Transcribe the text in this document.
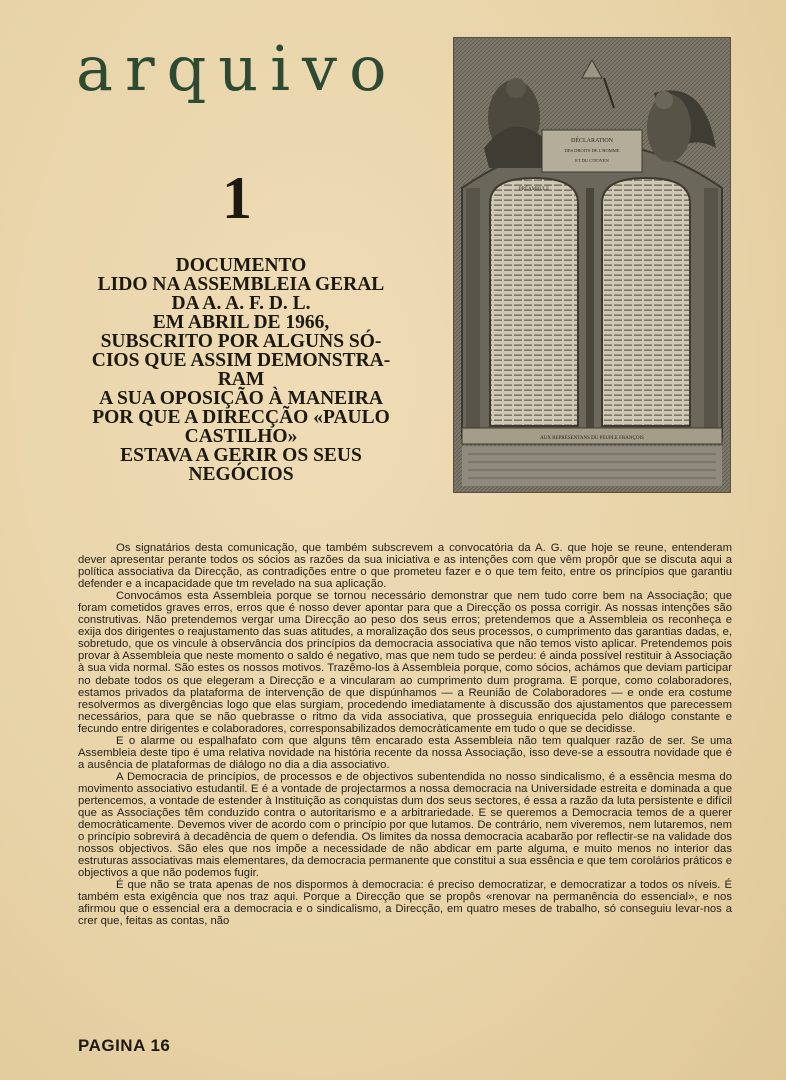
arquivo
1
DOCUMENTO
LIDO NA ASSEMBLEIA GERAL
DA A. A. F. D. L.
EM ABRIL DE 1966,
SUBSCRITO POR ALGUNS SÓ-
CIOS QUE ASSIM DEMONSTRA-
RAM
A SUA OPOSIÇÃO À MANEIRA
POR QUE A DIRECÇÃO «PAULO
CASTILHO»
ESTAVA A GERIR OS SEUS
NEGÓCIOS
DÉCLARATION
DES DROITS DE L'HOMME
ET DU CITOYEN
PRÉAMBULE
AUX REPRÉSENTANS DU PEUPLE FRANÇOIS

Os signatários desta comunicação, que também subscrevem a convocatória da A. G. que hoje se reune, entenderam dever apresentar perante todos os sócios as razões da sua iniciativa e as intenções com que vêm propôr que se discuta aqui a política associativa da Direcção, as contradições entre o que prometeu fazer e o que tem feito, entre os princípios que garantiu defender e a incapacidade que tm revelado na sua aplicação.

Convocámos esta Assembleia porque se tornou necessário demonstrar que nem tudo corre bem na Associação; que foram cometidos graves erros, erros que é nosso dever apontar para que a Direcção os possa corrigir. As nossas intenções são construtivas. Não pretendemos vergar uma Direcção ao peso dos seus erros; pretendemos que a Assembleia os reconheça e exija dos dirigentes o reajustamento das suas atitudes, a moralização dos seus processos, o cumprimento das garantias dadas, e, sobretudo, que os vincule à observância dos princípios da democracia associativa que não temos visto aplicar. Pretendemos pois provar à Assembleia que neste momento o saldo é negativo, mas que nem tudo se perdeu: é ainda possível restituir à Associação à sua vida normal. São estes os nossos motivos. Trazêmo-los à Assembleia porque, como sócios, achámos que deviam participar no debate todos os que elegeram a Direcção e a vincularam ao cumprimento dum programa. E porque, como colaboradores, estamos privados da plataforma de intervenção de que dispúnhamos — a Reunião de Colaboradores — e onde era costume resolvermos as divergências logo que elas surgiam, procedendo imediatamente à discussão dos ajustamentos que parecessem necessários, para que se não quebrasse o ritmo da vida associativa, que prosseguia enriquecida pelo diálogo constante e fecundo entre dirigentes e colaboradores, corresponsabilizados democràticamente em tudo o que se decidisse.

E o alarme ou espalhafato com que alguns têm encarado esta Assembleia não tem qualquer razão de ser. Se uma Assembleia deste tipo é uma relativa novidade na história recente da nossa Associação, isso deve-se a essoutra novidade que é a ausência de plataformas de diálogo no dia a dia associativo.

A Democracia de princípios, de processos e de objectivos subentendida no nosso sindicalismo, é a essência mesma do movimento associativo estudantil. E é a vontade de projectarmos a nossa democracia na Universidade estreita e dominada a que pertencemos, a vontade de estender à Instituição as conquistas dum dos seus sectores, é essa a razão da luta persistente e difícil que as Associações têm conduzido contra o autoritarismo e a arbitrariedade. E se queremos a Democracia temos de a querer democràticamente. Devemos viver de acordo com o princípio por que lutamos. De contrário, nem viveremos, nem lutaremos, nem o princípio sobrevirá à decadência de quem o defendia. Os limites da nossa democracia acabarão por reflectir-se na validade dos nossos objectivos. São eles que nos impõe a necessidade de não abdicar em parte alguma, e muito menos no interior das estruturas associativas mais elementares, da democracia permanente que constitui a sua essência e que tem corolários práticos e objectivos a que não podemos fugir.

É que não se trata apenas de nos dispormos à democracia: é preciso democratizar, e democratizar a todos os níveis. É também esta exigência que nos traz aqui. Porque a Direcção que se propôs «renovar na permanência do essencial», e nos afirmou que o essencial era a democracia e o sindicalismo, a Direcção, em quatro meses de trabalho, só conseguiu levar-nos a crer que, feitas as contas, não

PAGINA 16
